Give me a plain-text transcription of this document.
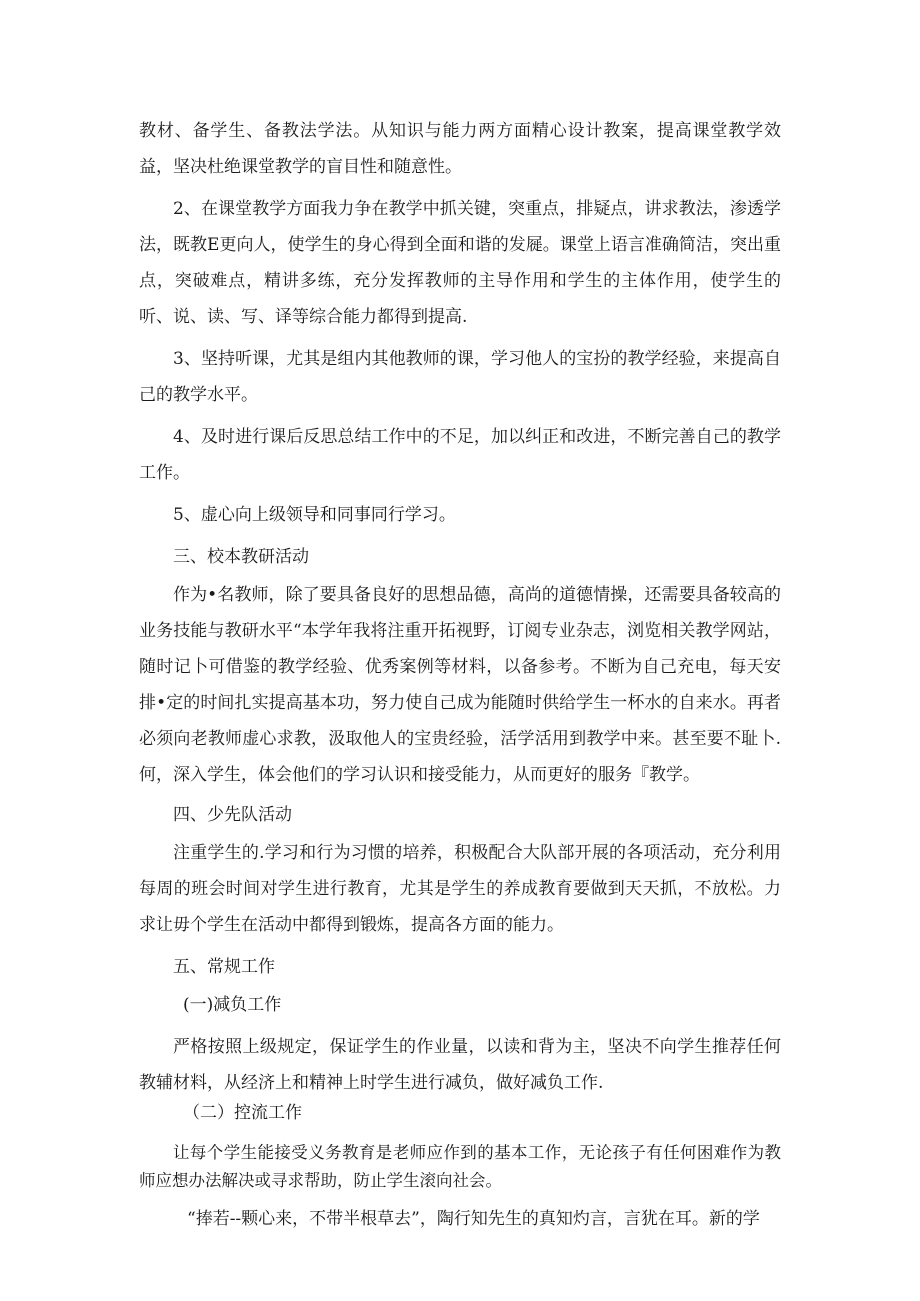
教材、备学生、备教法学法。从知识与能力两方面精心设计教案，提高课堂教学效益，坚决杜绝课堂教学的盲目性和随意性。

2、在课堂教学方面我力争在教学中抓关键，突重点，排疑点，讲求教法，渗透学法，既教E更向人，使学生的身心得到全面和谐的发屣。课堂上语言准确简洁，突出重点，突破难点，精讲多练，充分发挥教师的主导作用和学生的主体作用，使学生的听、说、读、写、译等综合能力都得到提高.

3、坚持听课，尤其是组内其他教师的课，学习他人的宝扮的教学经验，来提高自己的教学水平。

4、及时进行课后反思总结工作中的不足，加以纠正和改进，不断完善自己的教学工作。

5、虚心向上级领导和同事同行学习。

三、校本教研活动

作为•名教师，除了要具备良好的思想品德，高尚的道德情操，还需要具备较高的业务技能与教研水平“本学年我将注重开拓视野，订阅专业杂志，浏览相关教学网站，随时记卜可借鉴的教学经验、优秀案例等材料，以备参考。不断为自己充电，每天安排•定的时间扎实提高基本功，努力使自己成为能随时供给学生一杯水的自来水。再者必须向老教师虚心求教，汲取他人的宝贵经验，活学活用到教学中来。甚至要不耻卜.何，深入学生，体会他们的学习认识和接受能力，从而更好的服务『教学。

四、少先队活动

注重学生的.学习和行为习惯的培养，积极配合大队部开展的各项活动，充分利用每周的班会时间对学生进行教育，尤其是学生的养成教育要做到天天抓，不放松。力求让毋个学生在活动中都得到锻炼，提高各方面的能力。

五、常规工作

(一)减负工作

严格按照上级规定，保证学生的作业量，以读和背为主，坚决不向学生推荐任何教辅材料，从经济上和精神上时学生进行减负，做好减负工作.

（二）控流工作

让每个学生能接受义务教育是老师应作到的基本工作，无论孩子有任何困难作为教师应想办法解决或寻求帮助，防止学生滚向社会。

“捧若--颗心来，不带半根草去”，陶行知先生的真知灼言，言犹在耳。新的学
